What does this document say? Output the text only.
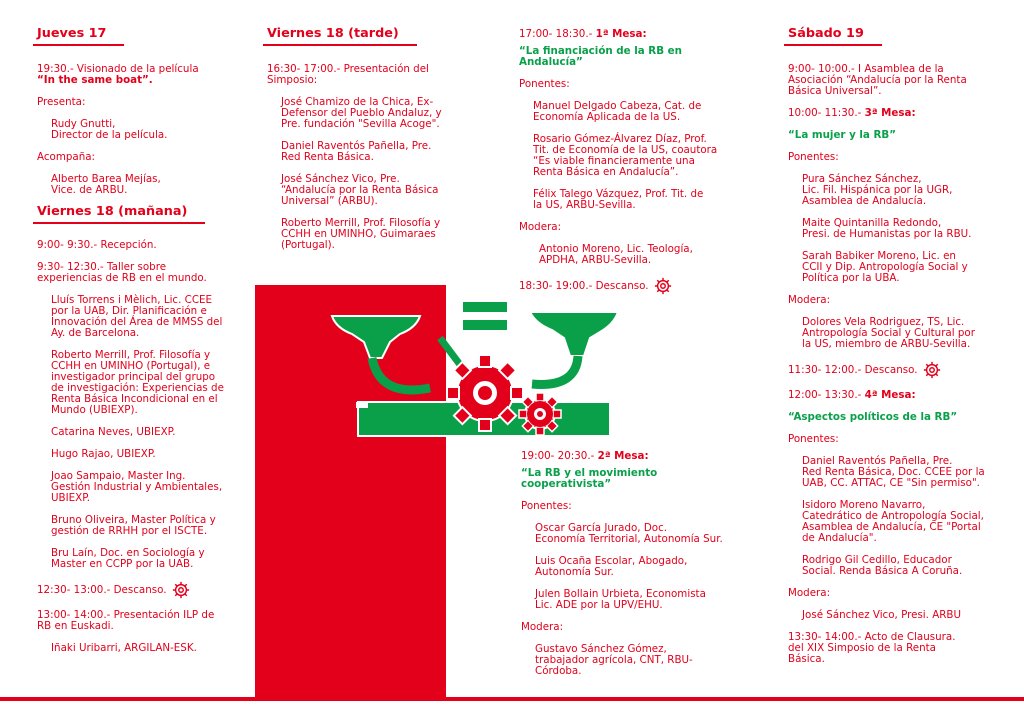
Jueves 17
19:30.- Visionado de la película
“In the same boat”.
Presenta:
Rudy Gnutti,
Director de la película.
Acompaña:
Alberto Barea Mejías,
Vice. de ARBU.
Viernes 18 (mañana)
9:00- 9:30.- Recepción.
9:30- 12:30.- Taller sobre
experiencias de RB en el mundo.
Lluís Torrens i Mèlich, Lic. CCEE
por la UAB, Dir. Planificación e
Innovación del Área de MMSS del
Ay. de Barcelona.
Roberto Merrill, Prof. Filosofía y
CCHH en UMINHO (Portugal), e
investigador principal del grupo
de investigación: Experiencias de
Renta Básica Incondicional en el
Mundo (UBIEXP).
Catarina Neves, UBIEXP.
Hugo Rajao, UBIEXP.
Joao Sampaio, Master Ing.
Gestión Industrial y Ambientales,
UBIEXP.
Bruno Oliveira, Master Política y
gestión de RRHH por el ISCTE.
Bru Laín, Doc. en Sociología y
Master en CCPP por la UAB.
12:30- 13:00.- Descanso.
13:00- 14:00.- Presentación ILP de
RB en Euskadi.
Iñaki Uribarri, ARGILAN-ESK.
Viernes 18 (tarde)
16:30- 17:00.- Presentación del
Simposio:
José Chamizo de la Chica, Ex-
Defensor del Pueblo Andaluz, y
Pre. fundación "Sevilla Acoge".
Daniel Raventós Pañella, Pre.
Red Renta Básica.
José Sánchez Vico, Pre.
“Andalucía por la Renta Básica
Universal” (ARBU).
Roberto Merrill, Prof. Filosofía y
CCHH en UMINHO, Guimaraes
(Portugal).
17:00- 18:30.- 1ª Mesa:
“La financiación de la RB en
Andalucía”
Ponentes:
Manuel Delgado Cabeza, Cat. de
Economía Aplicada de la US.
Rosario Gómez-Álvarez Díaz, Prof.
Tit. de Economía de la US, coautora
“Es viable financieramente una
Renta Básica en Andalucía”.
Félix Talego Vázquez, Prof. Tit. de
la US, ARBU-Sevilla.
Modera:
Antonio Moreno, Lic. Teología,
APDHA, ARBU-Sevilla.
18:30- 19:00.- Descanso.
19:00- 20:30.- 2ª Mesa:
“La RB y el movimiento
cooperativista”
Ponentes:
Oscar García Jurado, Doc.
Economía Territorial, Autonomía Sur.
Luis Ocaña Escolar, Abogado,
Autonomía Sur.
Julen Bollain Urbieta, Economista
Lic. ADE por la UPV/EHU.
Modera:
Gustavo Sánchez Gómez,
trabajador agrícola, CNT, RBU-
Córdoba.
Sábado 19
9:00- 10:00.- I Asamblea de la
Asociación “Andalucía por la Renta
Básica Universal”.
10:00- 11:30.- 3ª Mesa:
“La mujer y la RB”
Ponentes:
Pura Sánchez Sánchez,
Lic. Fil. Hispánica por la UGR,
Asamblea de Andalucía.
Maite Quintanilla Redondo,
Presi. de Humanistas por la RBU.
Sarah Babiker Moreno, Lic. en
CCII y Dip. Antropología Social y
Política por la UBA.
Modera:
Dolores Vela Rodriguez, TS, Lic.
Antropología Social y Cultural por
la US, miembro de ARBU-Sevilla.
11:30- 12:00.- Descanso.
12:00- 13:30.- 4ª Mesa:
“Aspectos políticos de la RB”
Ponentes:
Daniel Raventós Pañella, Pre.
Red Renta Básica, Doc. CCEE por la
UAB, CC. ATTAC, CE "Sin permiso".
Isidoro Moreno Navarro,
Catedrático de Antropología Social,
Asamblea de Andalucía, CE "Portal
de Andalucía".
Rodrigo Gil Cedillo, Educador
Social. Renda Básica A Coruña.
Modera:
José Sánchez Vico, Presi. ARBU
13:30- 14:00.- Acto de Clausura.
del XIX Simposio de la Renta
Básica.
